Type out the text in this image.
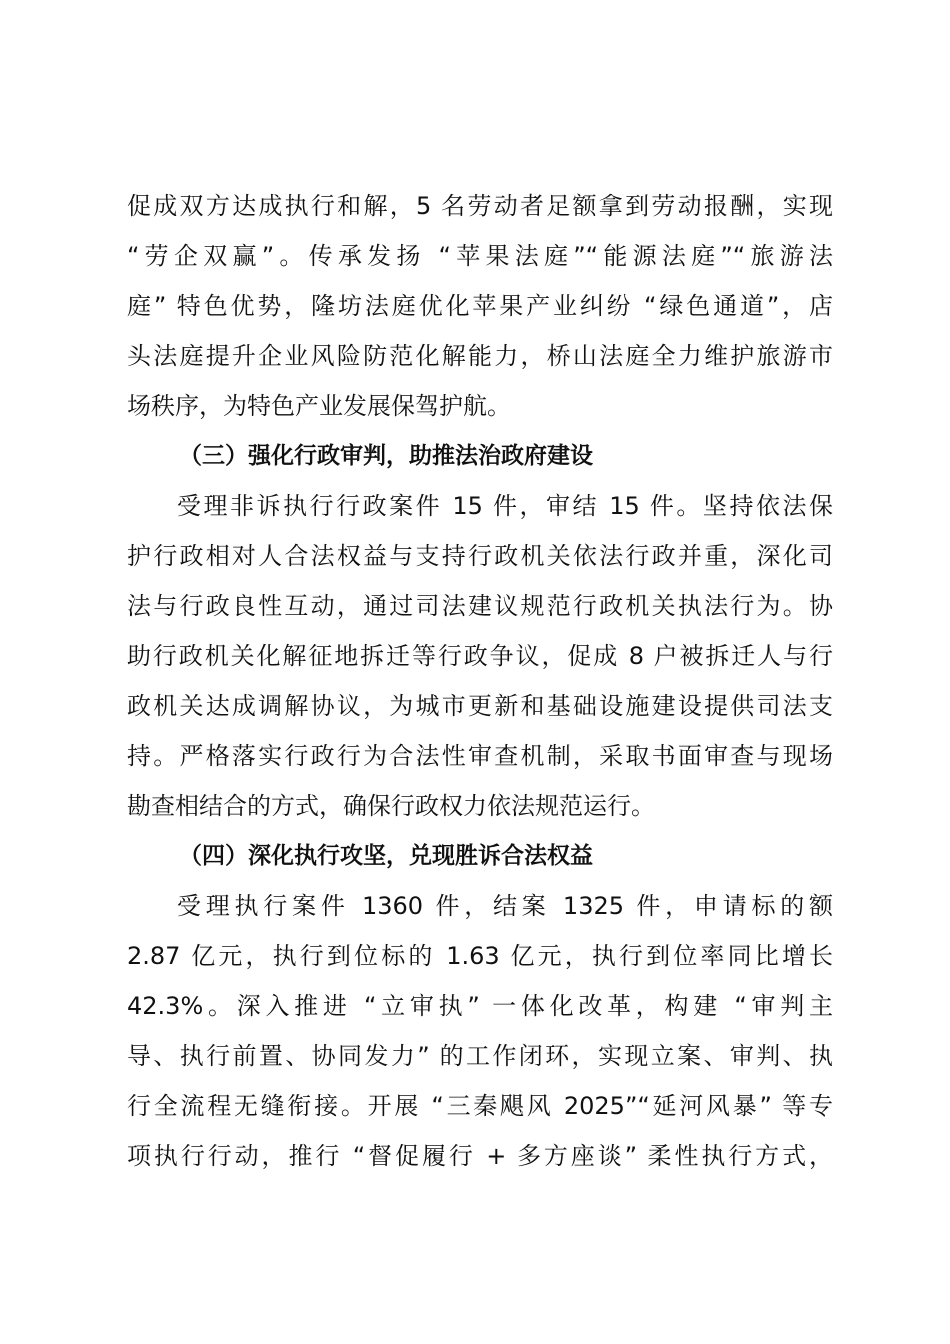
促成双方达成执行和解，5 名劳动者足额拿到劳动报酬，实现
“劳企双赢”。传承发扬 “苹果法庭”“能源法庭”“旅游法
庭” 特色优势，隆坊法庭优化苹果产业纠纷 “绿色通道”，店
头法庭提升企业风险防范化解能力，桥山法庭全力维护旅游市
场秩序，为特色产业发展保驾护航。
（三）强化行政审判，助推法治政府建设
受理非诉执行行政案件 15 件，审结 15 件。坚持依法保
护行政相对人合法权益与支持行政机关依法行政并重，深化司
法与行政良性互动，通过司法建议规范行政机关执法行为。协
助行政机关化解征地拆迁等行政争议，促成 8 户被拆迁人与行
政机关达成调解协议，为城市更新和基础设施建设提供司法支
持。严格落实行政行为合法性审查机制，采取书面审查与现场
勘查相结合的方式，确保行政权力依法规范运行。
（四）深化执行攻坚，兑现胜诉合法权益
受理执行案件 1360 件，结案 1325 件，申请标的额
2.87 亿元，执行到位标的 1.63 亿元，执行到位率同比增长
42.3%。深入推进 “立审执” 一体化改革，构建 “审判主
导、执行前置、协同发力” 的工作闭环，实现立案、审判、执
行全流程无缝衔接。开展 “三秦飓风 2025”“延河风暴” 等专
项执行行动，推行 “督促履行 + 多方座谈” 柔性执行方式，
